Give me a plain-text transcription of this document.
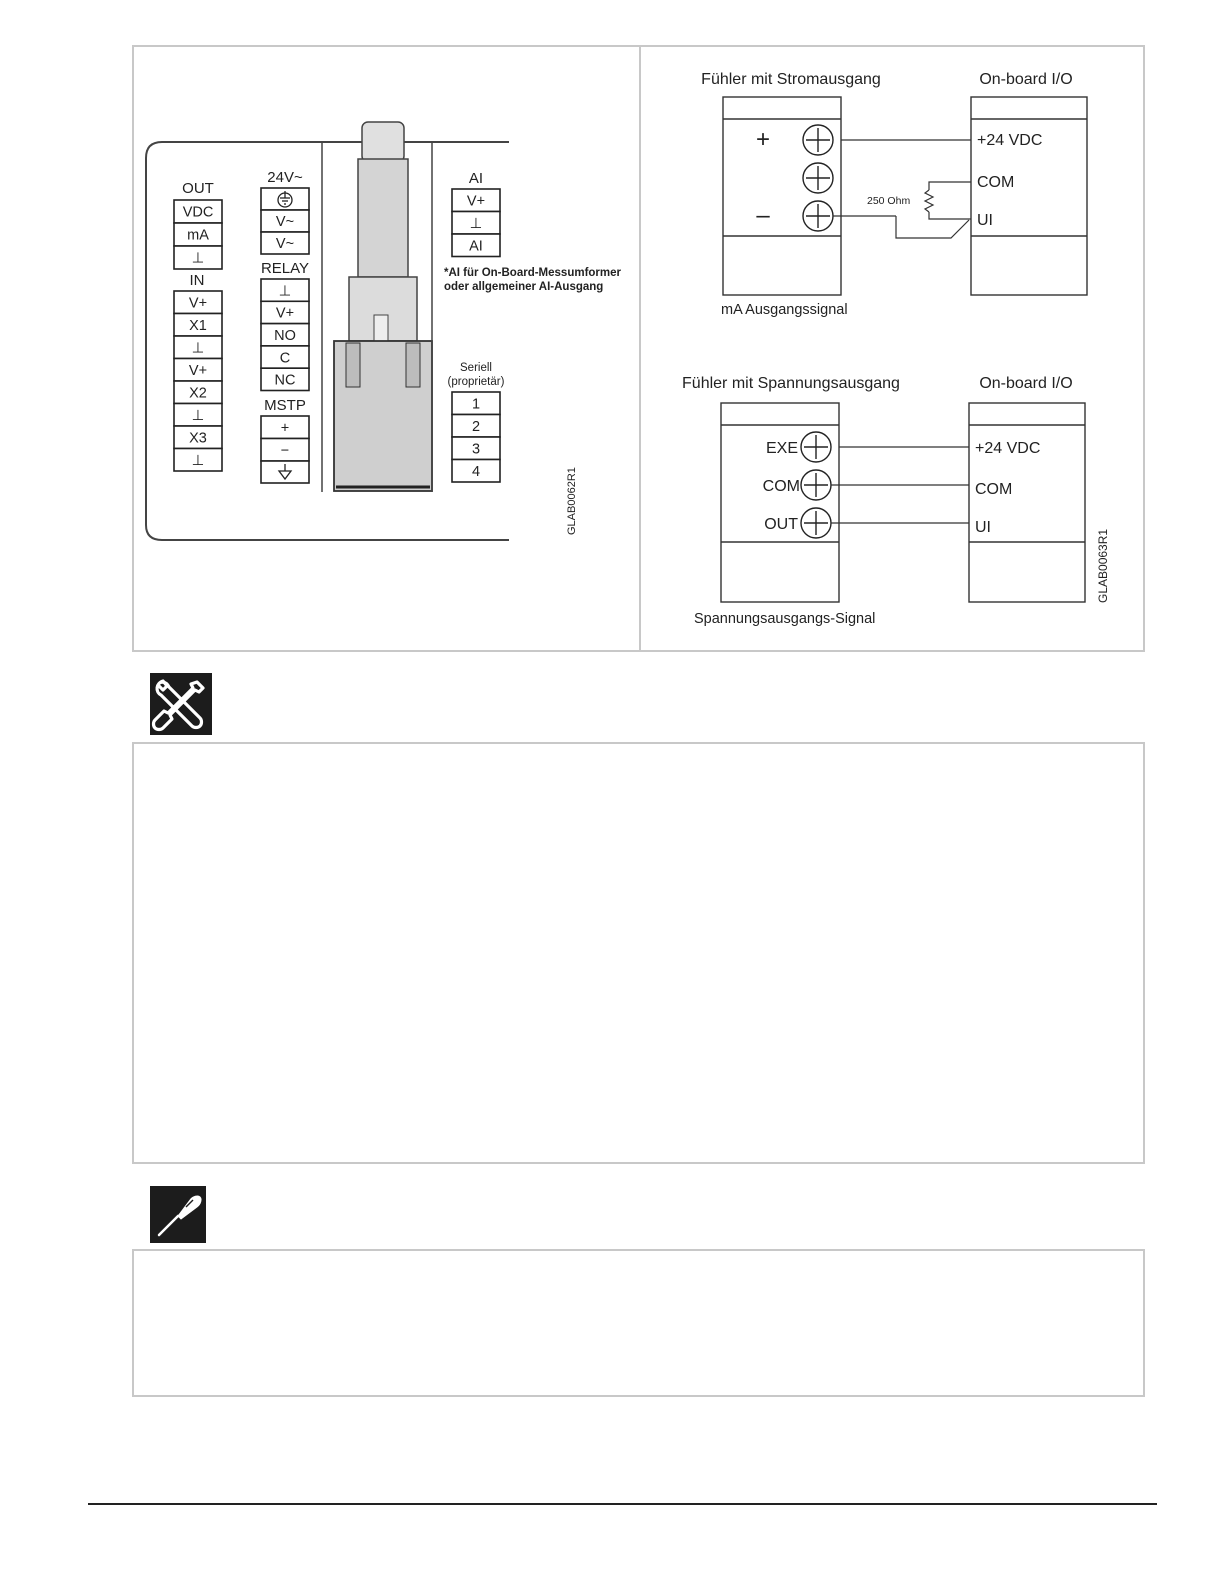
OUT
VDC
mA
⊥
IN
V+
X1
⊥
V+
X2
⊥
X3
⊥
24V~
V~
V~
RELAY
⊥
V+
NO
C
NC
MSTP
+
−
AI
V+
⊥
AI
*AI für On-Board-Messumformer
oder allgemeiner AI-Ausgang
Seriell
(proprietär)
1
2
3
4	GLAB0062R1
Fühler mit Stromausgang	On-board I/O
+
–
+24 VDC
COM
UI
250 Ohm
mA Ausgangssignal
Fühler mit Spannungsausgang	On-board I/O
EXE
COM
OUT
+24 VDC
COM
UI
Spannungsausgangs-Signal
GLAB0063R1
